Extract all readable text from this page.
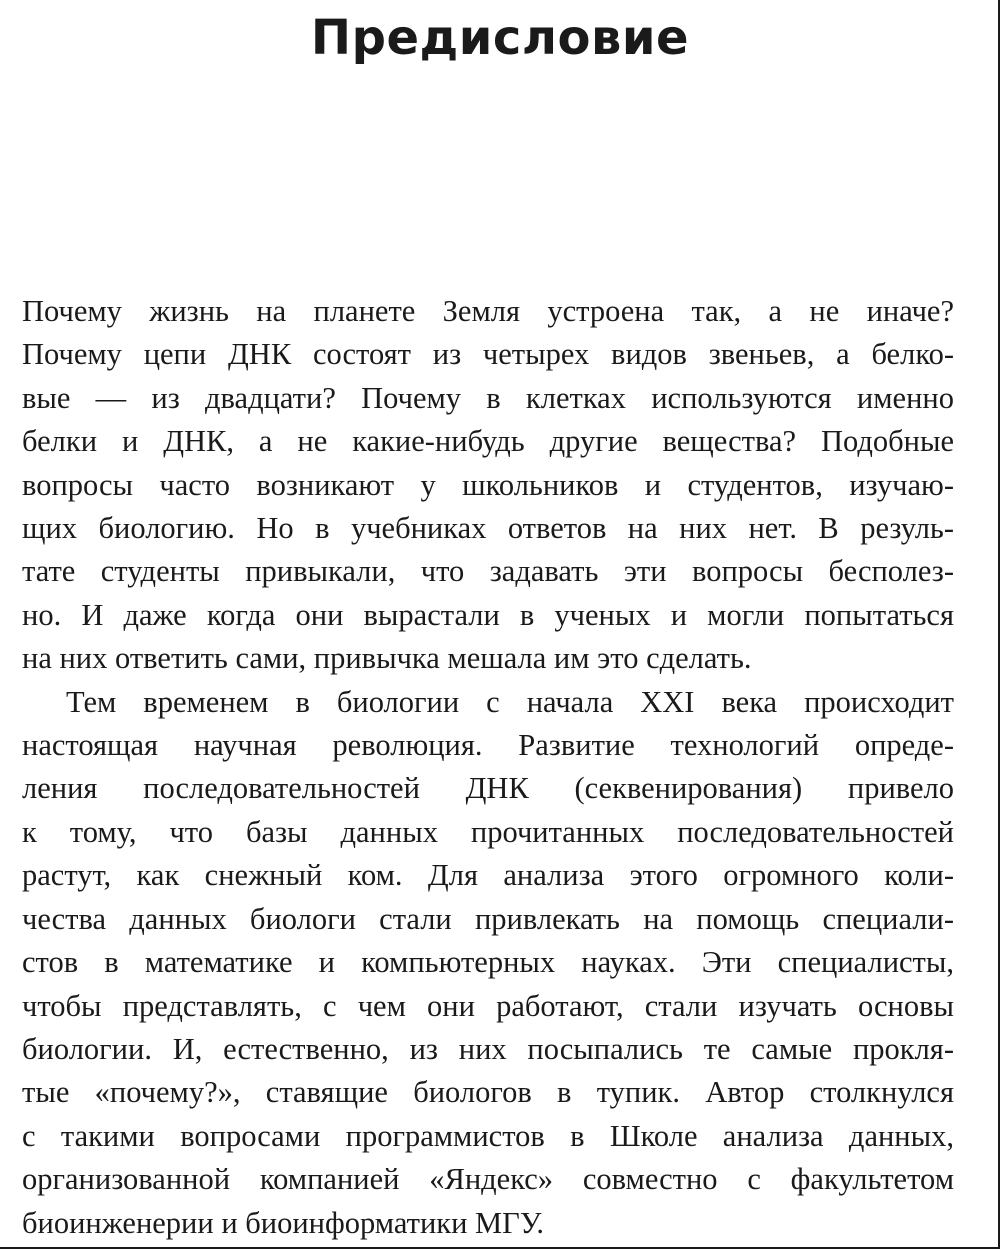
Предисловие

Почему жизнь на планете Земля устроена так, а не иначе?
Почему цепи ДНК состоят из четырех видов звеньев, а белко-
вые — из двадцати? Почему в клетках используются именно
белки и ДНК, а не какие-нибудь другие вещества? Подобные
вопросы часто возникают у школьников и студентов, изучаю-
щих биологию. Но в учебниках ответов на них нет. В резуль-
тате студенты привыкали, что задавать эти вопросы бесполез-
но. И даже когда они вырастали в ученых и могли попытаться
на них ответить сами, привычка мешала им это сделать.

Тем временем в биологии с начала XXI века происходит
настоящая научная революция. Развитие технологий опреде-
ления последовательностей ДНК (секвенирования) привело
к тому, что базы данных прочитанных последовательностей
растут, как снежный ком. Для анализа этого огромного коли-
чества данных биологи стали привлекать на помощь специали-
стов в математике и компьютерных науках. Эти специалисты,
чтобы представлять, с чем они работают, стали изучать основы
биологии. И, естественно, из них посыпались те самые прокля-
тые «почему?», ставящие биологов в тупик. Автор столкнулся
с такими вопросами программистов в Школе анализа данных,
организованной компанией «Яндекс» совместно с факультетом
биоинженерии и биоинформатики МГУ.
